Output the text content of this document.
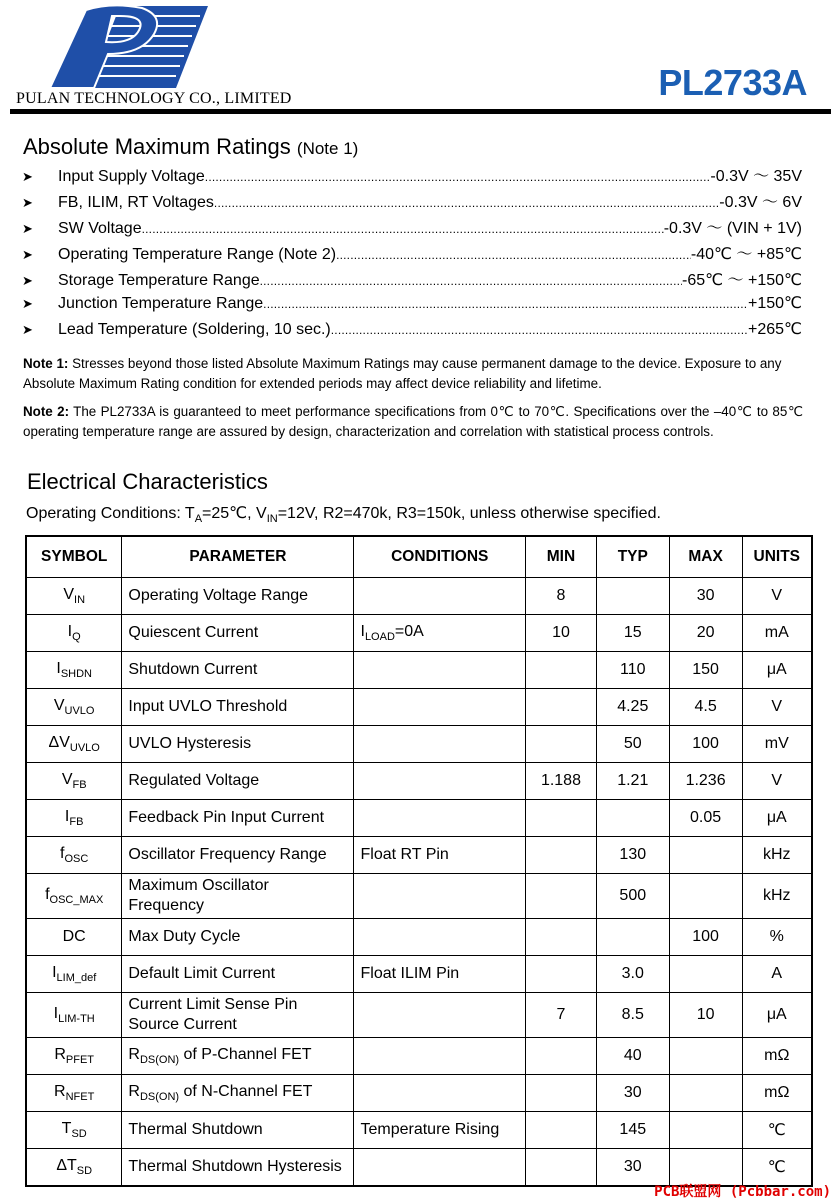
PULAN TECHNOLOGY CO., LIMITED	PL2733A
Absolute Maximum Ratings (Note 1)
➤	Input Supply Voltage .....	-0.3V ～ 35V
➤	FB, ILIM, RT Voltages .....	-0.3V ～ 6V
➤	SW Voltage .....	-0.3V ～ (VIN + 1V)
➤	Operating Temperature Range (Note 2) .....	-40℃ ～ +85℃
➤	Storage Temperature Range .....	-65℃ ～ +150℃
➤	Junction Temperature Range .....	+150℃
➤	Lead Temperature (Soldering, 10 sec.) .....	+265℃
Note 1: Stresses beyond those listed Absolute Maximum Ratings may cause permanent damage to the device. Exposure to any Absolute Maximum Rating condition for extended periods may affect device reliability and lifetime.
Note 2: The PL2733A is guaranteed to meet performance specifications from 0℃ to 70℃. Specifications over the –40℃ to 85℃ operating temperature range are assured by design, characterization and correlation with statistical process controls.
Electrical Characteristics
Operating Conditions: $T_A=25℃$, $V_{IN}=12V$, R2=470k, R3=150k, unless otherwise specified.
SYMBOL	PARAMETER	CONDITIONS	MIN	TYP	MAX	UNITS
$V_{IN}$	Operating Voltage Range		8		30	V
$I_Q$	Quiescent Current	$I_{LOAD}=0A$	10	15	20	mA
$I_{SHDN}$	Shutdown Current			110	150	μA
$V_{UVLO}$	Input UVLO Threshold			4.25	4.5	V
$\Delta V_{UVLO}$	UVLO Hysteresis			50	100	mV
$V_{FB}$	Regulated Voltage		1.188	1.21	1.236	V
$I_{FB}$	Feedback Pin Input Current				0.05	μA
$f_{OSC}$	Oscillator Frequency Range	Float RT Pin		130		kHz
$f_{OSC\_MAX}$	Maximum Oscillator Frequency			500		kHz
DC	Max Duty Cycle				100	%
$I_{LIM\_def}$	Default Limit Current	Float ILIM Pin		3.0		A
$I_{LIM-TH}$	Current Limit Sense Pin Source Current		7	8.5	10	μA
$R_{PFET}$	$R_{DS(ON)}$ of P-Channel FET			40		mΩ
$R_{NFET}$	$R_{DS(ON)}$ of N-Channel FET			30		mΩ
$T_{SD}$	Thermal Shutdown	Temperature Rising		145		℃
$\Delta T_{SD}$	Thermal Shutdown Hysteresis			30		℃
PCB联盟网 (Pcbbar.com)
